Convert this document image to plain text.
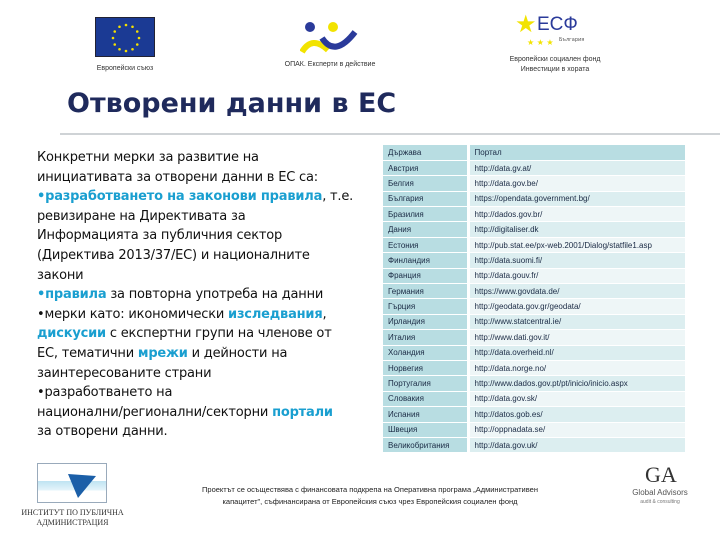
Европейски съюз
ОПАК. Експерти в действие
★ ЕСФ
България
★ ★ ★
Европейски социален фонд
Инвестиции в хората
Отворени данни в ЕС
Конкретни мерки за развитие на
инициативата за отворени данни в ЕС са:
•разработването на законови правила, т.е.
ревизиране на Директивата за
Информацията за публичния сектор
(Директива 2013/37/ЕС) и националните
закони
•правила за повторна употреба на данни
•мерки като: икономически изследвания,
дискусии с експертни групи на членове от
ЕС, тематични мрежи и дейности на
заинтересованите страни
•разработването на
национални/регионални/секторни портали
за отворени данни.
Държава	Портал
Австрия	http://data.gv.at/
Белгия	http://data.gov.be/
България	https://opendata.government.bg/
Бразилия	http://dados.gov.br/
Дания	http://digitaliser.dk
Естония	http://pub.stat.ee/px-web.2001/Dialog/statfile1.asp
Финландия	http://data.suomi.fi/
Франция	http://data.gouv.fr/
Германия	https://www.govdata.de/
Гърция	http://geodata.gov.gr/geodata/
Ирландия	http://www.statcentral.ie/
Италия	http://www.dati.gov.it/
Холандия	http://data.overheid.nl/
Норвегия	http://data.norge.no/
Португалия	http://www.dados.gov.pt/pt/inicio/inicio.aspx
Словакия	http://data.gov.sk/
Испания	http://datos.gob.es/
Швеция	http://oppnadata.se/
Великобритания	http://data.gov.uk/
ИНСТИТУТ ПО ПУБЛИЧНА
АДМИНИСТРАЦИЯ
Проектът се осъществява с финансовата подкрепа на Оперативна програма „Административен
капацитет", съфинансирана от Европейския съюз чрез Европейския социален фонд
GA
Global Advisors
audit & consulting
